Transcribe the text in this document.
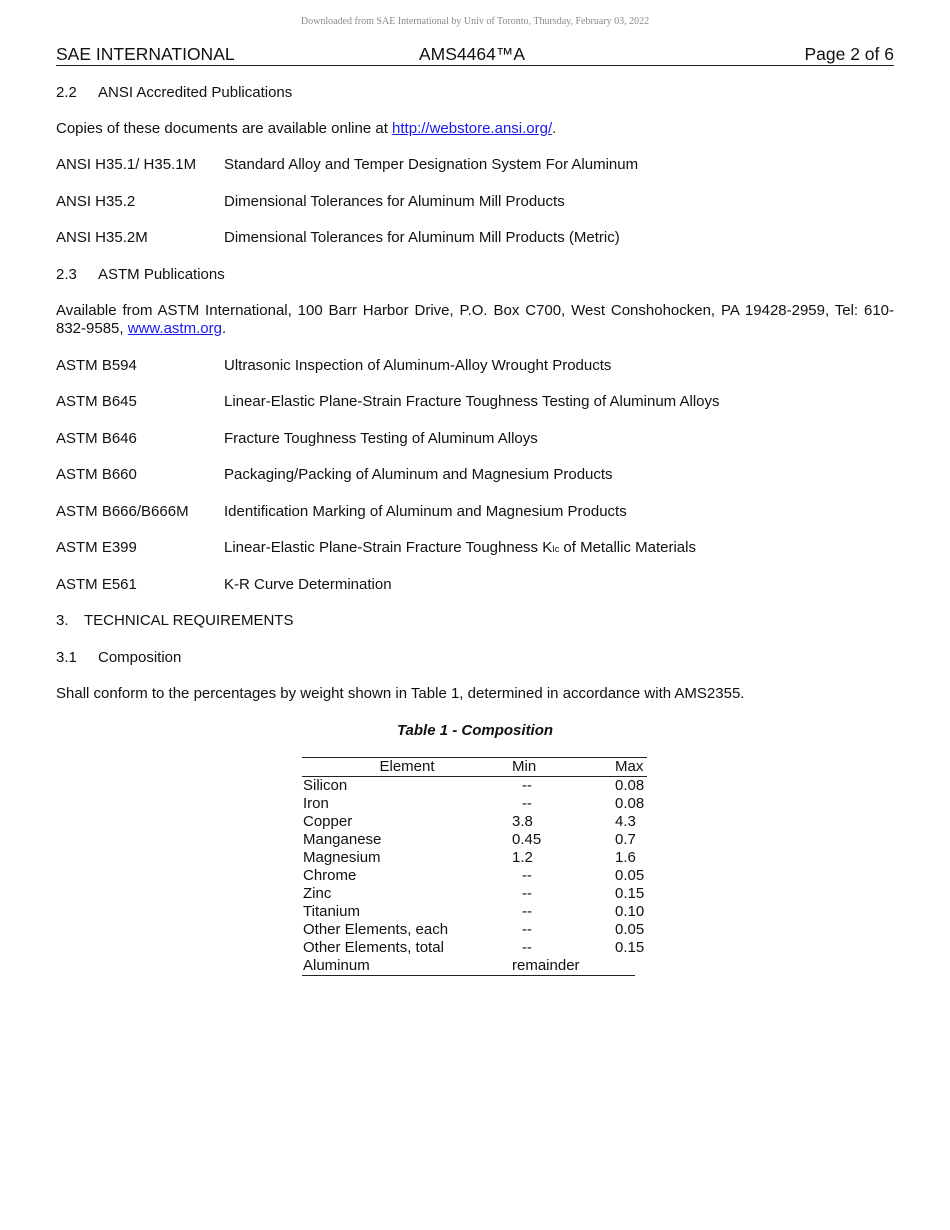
Downloaded from SAE International by Univ of Toronto, Thursday, February 03, 2022
SAE INTERNATIONAL	AMS4464™A	Page 2 of 6
2.2 ANSI Accredited Publications
Copies of these documents are available online at http://webstore.ansi.org/.
ANSI H35.1/ H35.1M Standard Alloy and Temper Designation System For Aluminum
ANSI H35.2	Dimensional Tolerances for Aluminum Mill Products
ANSI H35.2M	Dimensional Tolerances for Aluminum Mill Products (Metric)
2.3 ASTM Publications
Available from ASTM International, 100 Barr Harbor Drive, P.O. Box C700, West Conshohocken, PA 19428-2959, Tel: 610-832-9585, www.astm.org.
ASTM B594	Ultrasonic Inspection of Aluminum-Alloy Wrought Products
ASTM B645	Linear-Elastic Plane-Strain Fracture Toughness Testing of Aluminum Alloys
ASTM B646	Fracture Toughness Testing of Aluminum Alloys
ASTM B660	Packaging/Packing of Aluminum and Magnesium Products
ASTM B666/B666M Identification Marking of Aluminum and Magnesium Products
ASTM E399	Linear-Elastic Plane-Strain Fracture Toughness KIc of Metallic Materials
ASTM E561	K-R Curve Determination
3. TECHNICAL REQUIREMENTS
3.1 Composition
Shall conform to the percentages by weight shown in Table 1, determined in accordance with AMS2355.
Table 1 - Composition
Element	Min	Max
Silicon	--	0.08
Iron	--	0.08
Copper	3.8	4.3
Manganese	0.45	0.7
Magnesium	1.2	1.6
Chrome	--	0.05
Zinc	--	0.15
Titanium	--	0.10
Other Elements, each	--	0.05
Other Elements, total	--	0.15
Aluminum	remainder
